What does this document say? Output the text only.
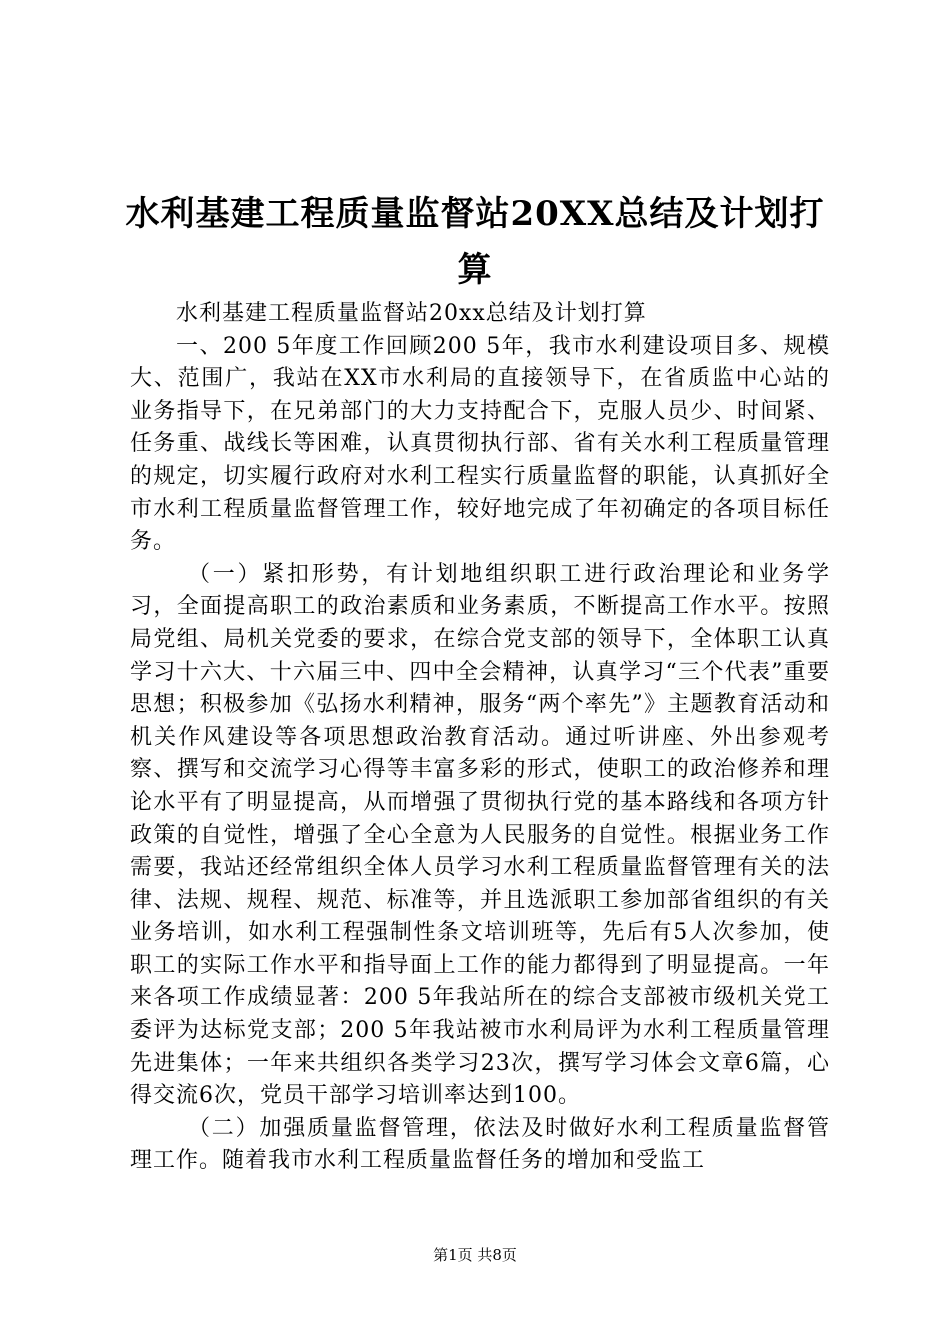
水利基建工程质量监督站20XX总结及计划打算

水利基建工程质量监督站20xx总结及计划打算

一、200 5年度工作回顾200 5年，我市水利建设项目多、规模大、范围广，我站在XX市水利局的直接领导下，在省质监中心站的业务指导下，在兄弟部门的大力支持配合下，克服人员少、时间紧、任务重、战线长等困难，认真贯彻执行部、省有关水利工程质量管理的规定，切实履行政府对水利工程实行质量监督的职能，认真抓好全市水利工程质量监督管理工作，较好地完成了年初确定的各项目标任务。

（一）紧扣形势，有计划地组织职工进行政治理论和业务学习，全面提高职工的政治素质和业务素质，不断提高工作水平。按照局党组、局机关党委的要求，在综合党支部的领导下，全体职工认真学习十六大、十六届三中、四中全会精神，认真学习“三个代表”重要思想；积极参加《弘扬水利精神，服务“两个率先”》主题教育活动和机关作风建设等各项思想政治教育活动。通过听讲座、外出参观考察、撰写和交流学习心得等丰富多彩的形式，使职工的政治修养和理论水平有了明显提高，从而增强了贯彻执行党的基本路线和各项方针政策的自觉性，增强了全心全意为人民服务的自觉性。根据业务工作需要，我站还经常组织全体人员学习水利工程质量监督管理有关的法律、法规、规程、规范、标准等，并且选派职工参加部省组织的有关业务培训，如水利工程强制性条文培训班等，先后有5人次参加，使职工的实际工作水平和指导面上工作的能力都得到了明显提高。一年来各项工作成绩显著：200 5年我站所在的综合支部被市级机关党工委评为达标党支部；200 5年我站被市水利局评为水利工程质量管理先进集体；一年来共组织各类学习23次，撰写学习体会文章6篇，心得交流6次，党员干部学习培训率达到100。

（二）加强质量监督管理，依法及时做好水利工程质量监督管理工作。随着我市水利工程质量监督任务的增加和受监工

第1页 共8页
